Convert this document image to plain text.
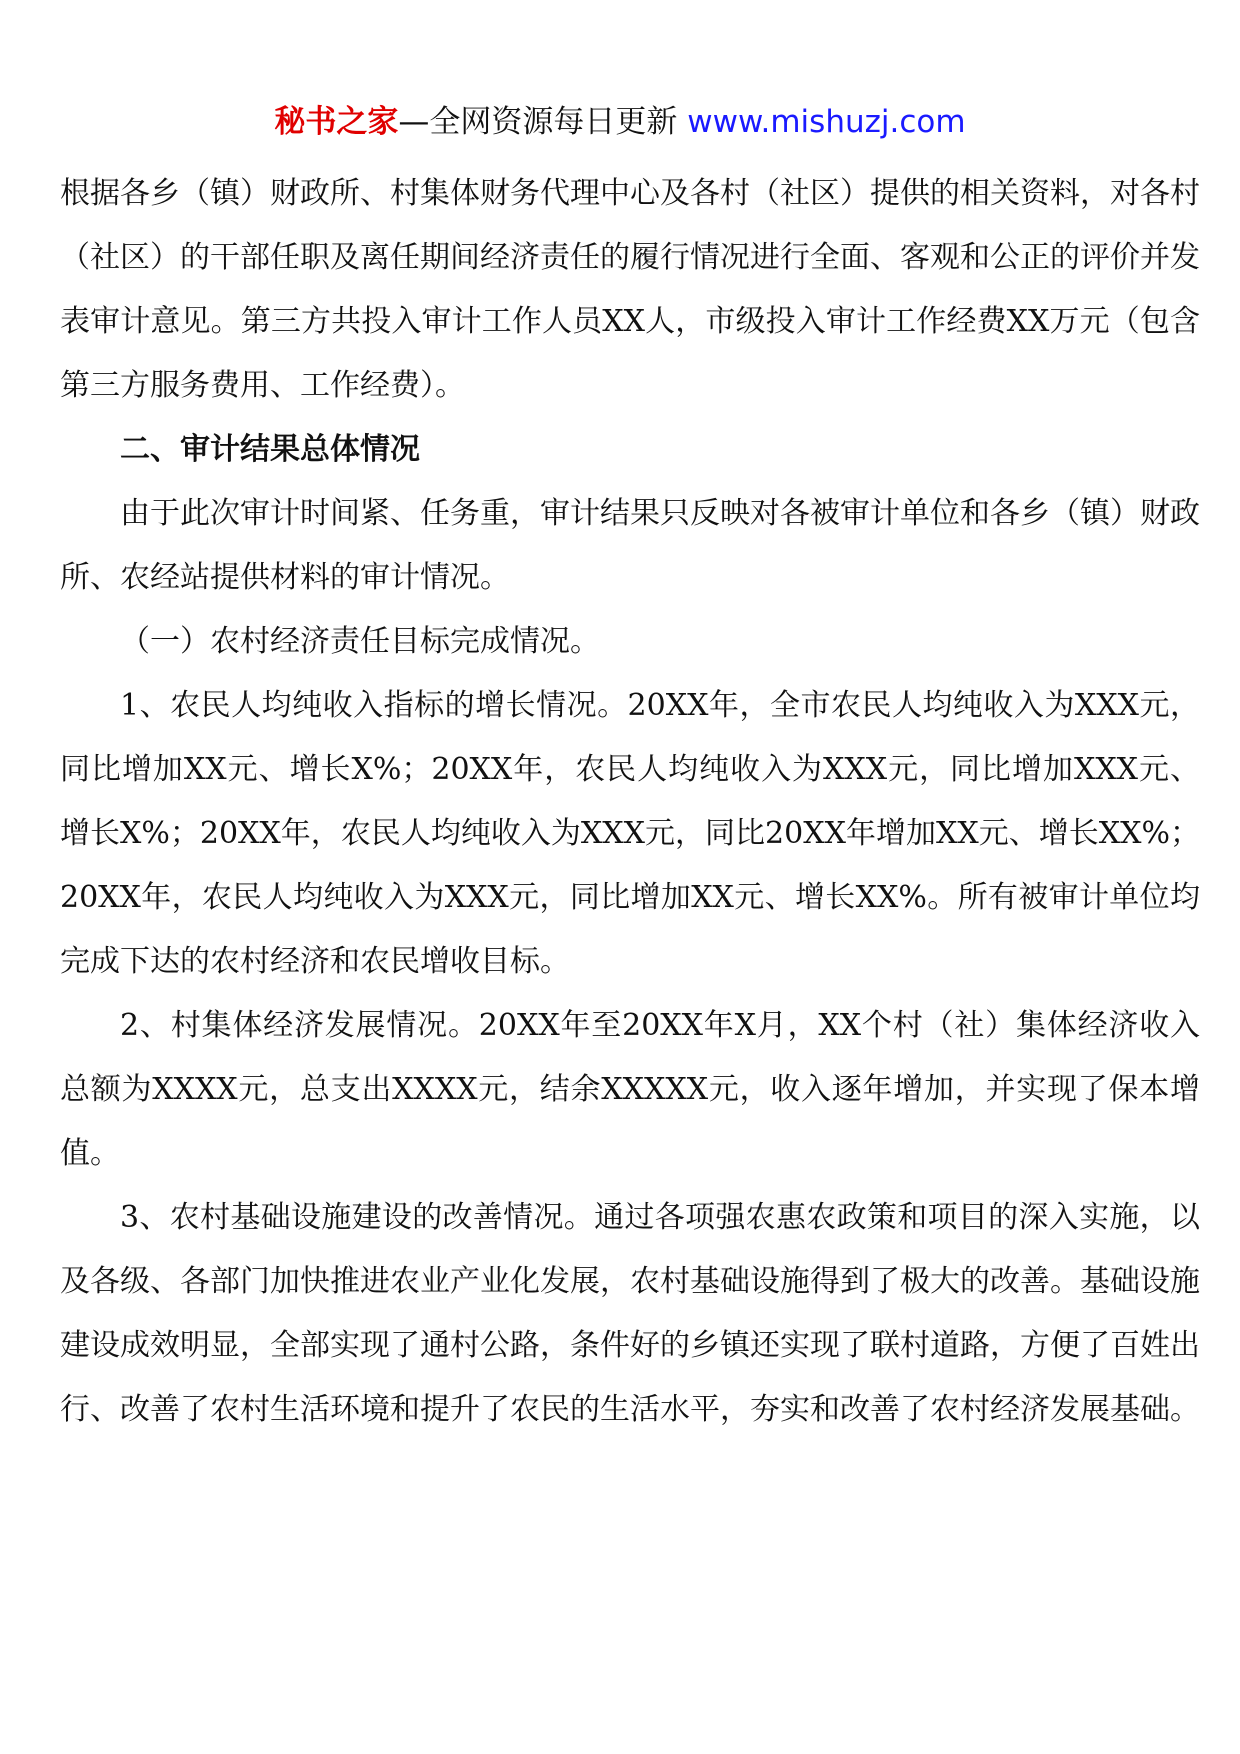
秘书之家—全网资源每日更新 www.mishuzj.com

根据各乡（镇）财政所、村集体财务代理中心及各村（社区）提供的相关资料，对各村（社区）的干部任职及离任期间经济责任的履行情况进行全面、客观和公正的评价并发表审计意见。第三方共投入审计工作人员XX人，市级投入审计工作经费XX万元（包含第三方服务费用、工作经费）。

二、审计结果总体情况

由于此次审计时间紧、任务重，审计结果只反映对各被审计单位和各乡（镇）财政所、农经站提供材料的审计情况。

（一）农村经济责任目标完成情况。

1、农民人均纯收入指标的增长情况。20XX年，全市农民人均纯收入为XXX元，同比增加XX元、增长X%；20XX年，农民人均纯收入为XXX元，同比增加XXX元、增长X%；20XX年，农民人均纯收入为XXX元，同比20XX年增加XX元、增长XX%；20XX年，农民人均纯收入为XXX元，同比增加XX元、增长XX%。所有被审计单位均完成下达的农村经济和农民增收目标。

2、村集体经济发展情况。20XX年至20XX年X月，XX个村（社）集体经济收入总额为XXXX元，总支出XXXX元，结余XXXXX元，收入逐年增加，并实现了保本增值。

3、农村基础设施建设的改善情况。通过各项强农惠农政策和项目的深入实施，以及各级、各部门加快推进农业产业化发展，农村基础设施得到了极大的改善。基础设施建设成效明显，全部实现了通村公路，条件好的乡镇还实现了联村道路，方便了百姓出行、改善了农村生活环境和提升了农民的生活水平，夯实和改善了农村经济发展基础。
